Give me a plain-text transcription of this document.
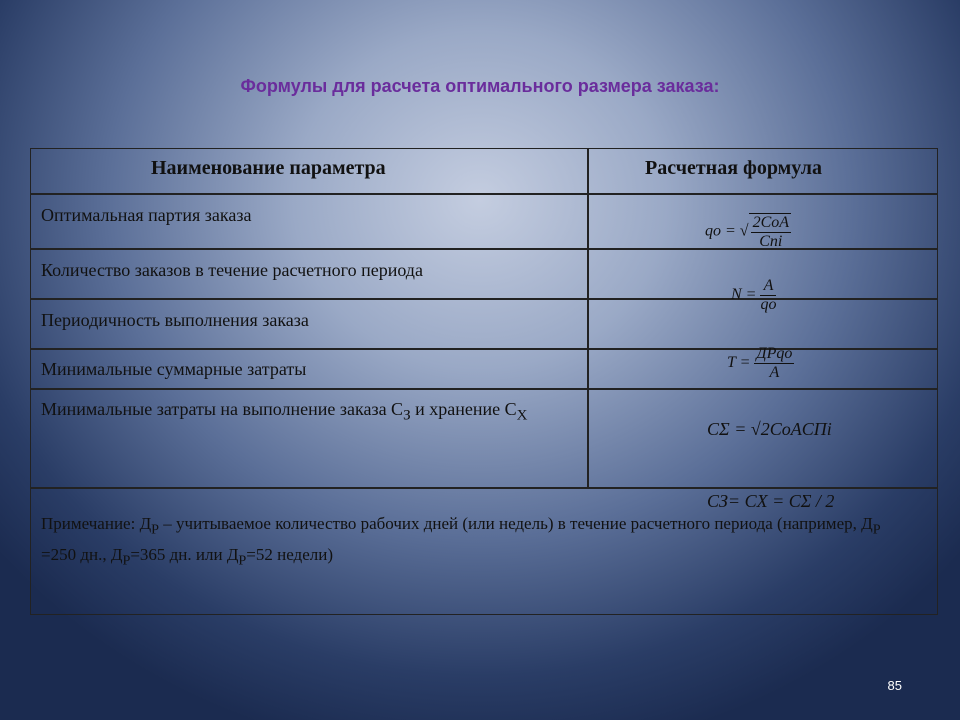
Формулы для расчета оптимального размера заказа:
Наименование параметра	Расчетная формула
Оптимальная партия заказа
Количество заказов в течение расчетного периода
Периодичность выполнения заказа
Минимальные суммарные затраты
Минимальные затраты на выполнение заказа $С_З$ и хранение $С_Х$
qo = √ $\frac{\text{2CoA}}{\text{Cni}}$
$N = \frac{A}{qo}$
$T = \frac{\text{ДPqo}}{A}$
CΣ = √2CoACПi
CЗ= CX = CΣ / 2
Примечание: $Д_Р$ – учитываемое количество рабочих дней (или недель) в течение расчетного периода (например, $Д_Р =250$ дн., $Д_Р=365$ дн. или $Д_Р=52$ недели)
85
